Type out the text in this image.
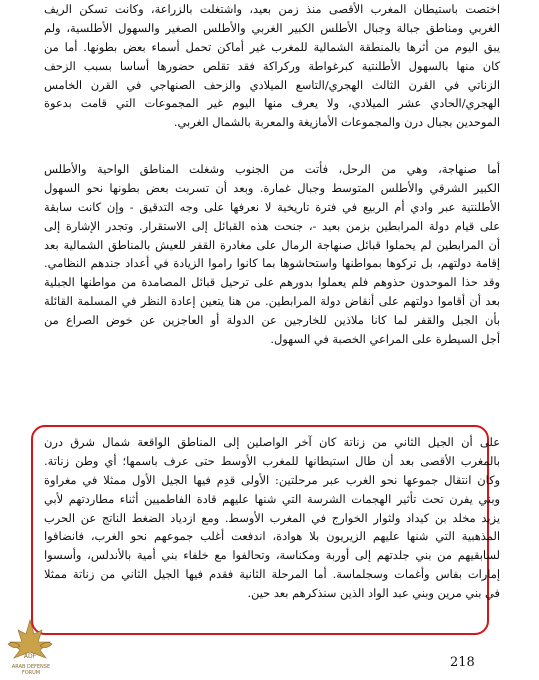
اختصت باستيطان المغرب الأقصى منذ زمن بعيد، واشتغلت بالزراعة، وكانت تسكن الريف
الغربي ومناطق جبالة وجبال الأطلس الكبير الغربي والأطلس الصغير والسهول الأطلسية، ولم
يبق اليوم من أثرها بالمنطقة الشمالية للمغرب غير أماكن تحمل أسماء بعض بطونها. أما من
كان منها بالسهول الأطلنتية كبرغواطة وركراكة فقد تقلص حضورها أساسا بسبب الزحف
الزناتي في القرن الثالث الهجري/التاسع الميلادي والزحف الصنهاجي في القرن الخامس
الهجري/الحادي عشر الميلادي، ولا يعرف منها اليوم غير المجموعات التي قامت بدعوة
الموحدين بجبال درن والمجموعات الأمازيغة والمعربة بالشمال الغربي.
أما صنهاجة، وهي من الرحل، فأتت من الجنوب وشغلت المناطق الواحية والأطلس
الكبير الشرقي والأطلس المتوسط وجبال غمارة. وبعد أن تسربت بعض بطونها نحو السهول
الأطلنتية عبر وادي أم الربيع في فترة تاريخية لا نعرفها على وجه التدقيق - وإن كانت سابقة
على قيام دولة المرابطين بزمن بعيد -، جنحت هذه القبائل إلى الاستقرار. وتجدر الإشارة إلى
أن المرابطين لم يحملوا قبائل صنهاجة الرمال على مغادرة القفر للعيش بالمناطق الشمالية بعد
إقامة دولتهم، بل تركوها بمواطنها واستحاشوها بما كانوا راموا الزيادة في أعداد جندهم النظامي.
وقد حذا الموحدون حذوهم فلم يعملوا بدورهم على ترحيل قبائل المصامدة من مواطنها الجبلية
بعد أن أقاموا دولتهم على أنقاض دولة المرابطين. من هنا يتعين إعادة النظر في المسلمة القائلة
بأن الجبل والقفر لما كانا ملاذين للخارجين عن الدولة أو العاجزين عن خوض الصراع من
أجل السيطرة على المراعي الخصبة في السهول.
على أن الجيل الثاني من زناتة كان آخر الواصلين إلى المناطق الواقعة شمال شرق درن
بالمغرب الأقصى بعد أن طال استيطانها للمغرب الأوسط حتى عرف باسمها؛ أي وطن زناتة.
وكان انتقال جموعها نحو الغرب عبر مرحلتين: الأولى قدِم فيها الجيل الأول ممثلا في مغراوة
وبني يفرن تحت تأثير الهجمات الشرسة التي شنها عليهم قادة الفاطميين أثناء مطاردتهم لأبي
يزيد مخلد بن كيداد ولثوار الخوارج في المغرب الأوسط. ومع ازدياد الضغط الناتج عن الحرب
المذهبية التي شنها عليهم الزيريون بلا هوادة، اندفعت أغلب جموعهم نحو الغرب، فانضافوا
لسابقيهم من بني جلدتهم إلى أوربة ومكناسة، وتحالفوا مع خلفاء بني أمية بالأندلس، وأسسوا
إمارات بفاس وأغمات وسجلماسة. أما المرحلة الثانية فقدم فيها الجيل الثاني من زناتة ممثلا
في بني مرين وبني عبد الواد الذين سنذكرهم بعد حين.
218
ADF
ARAB DEFENSE FORUM
